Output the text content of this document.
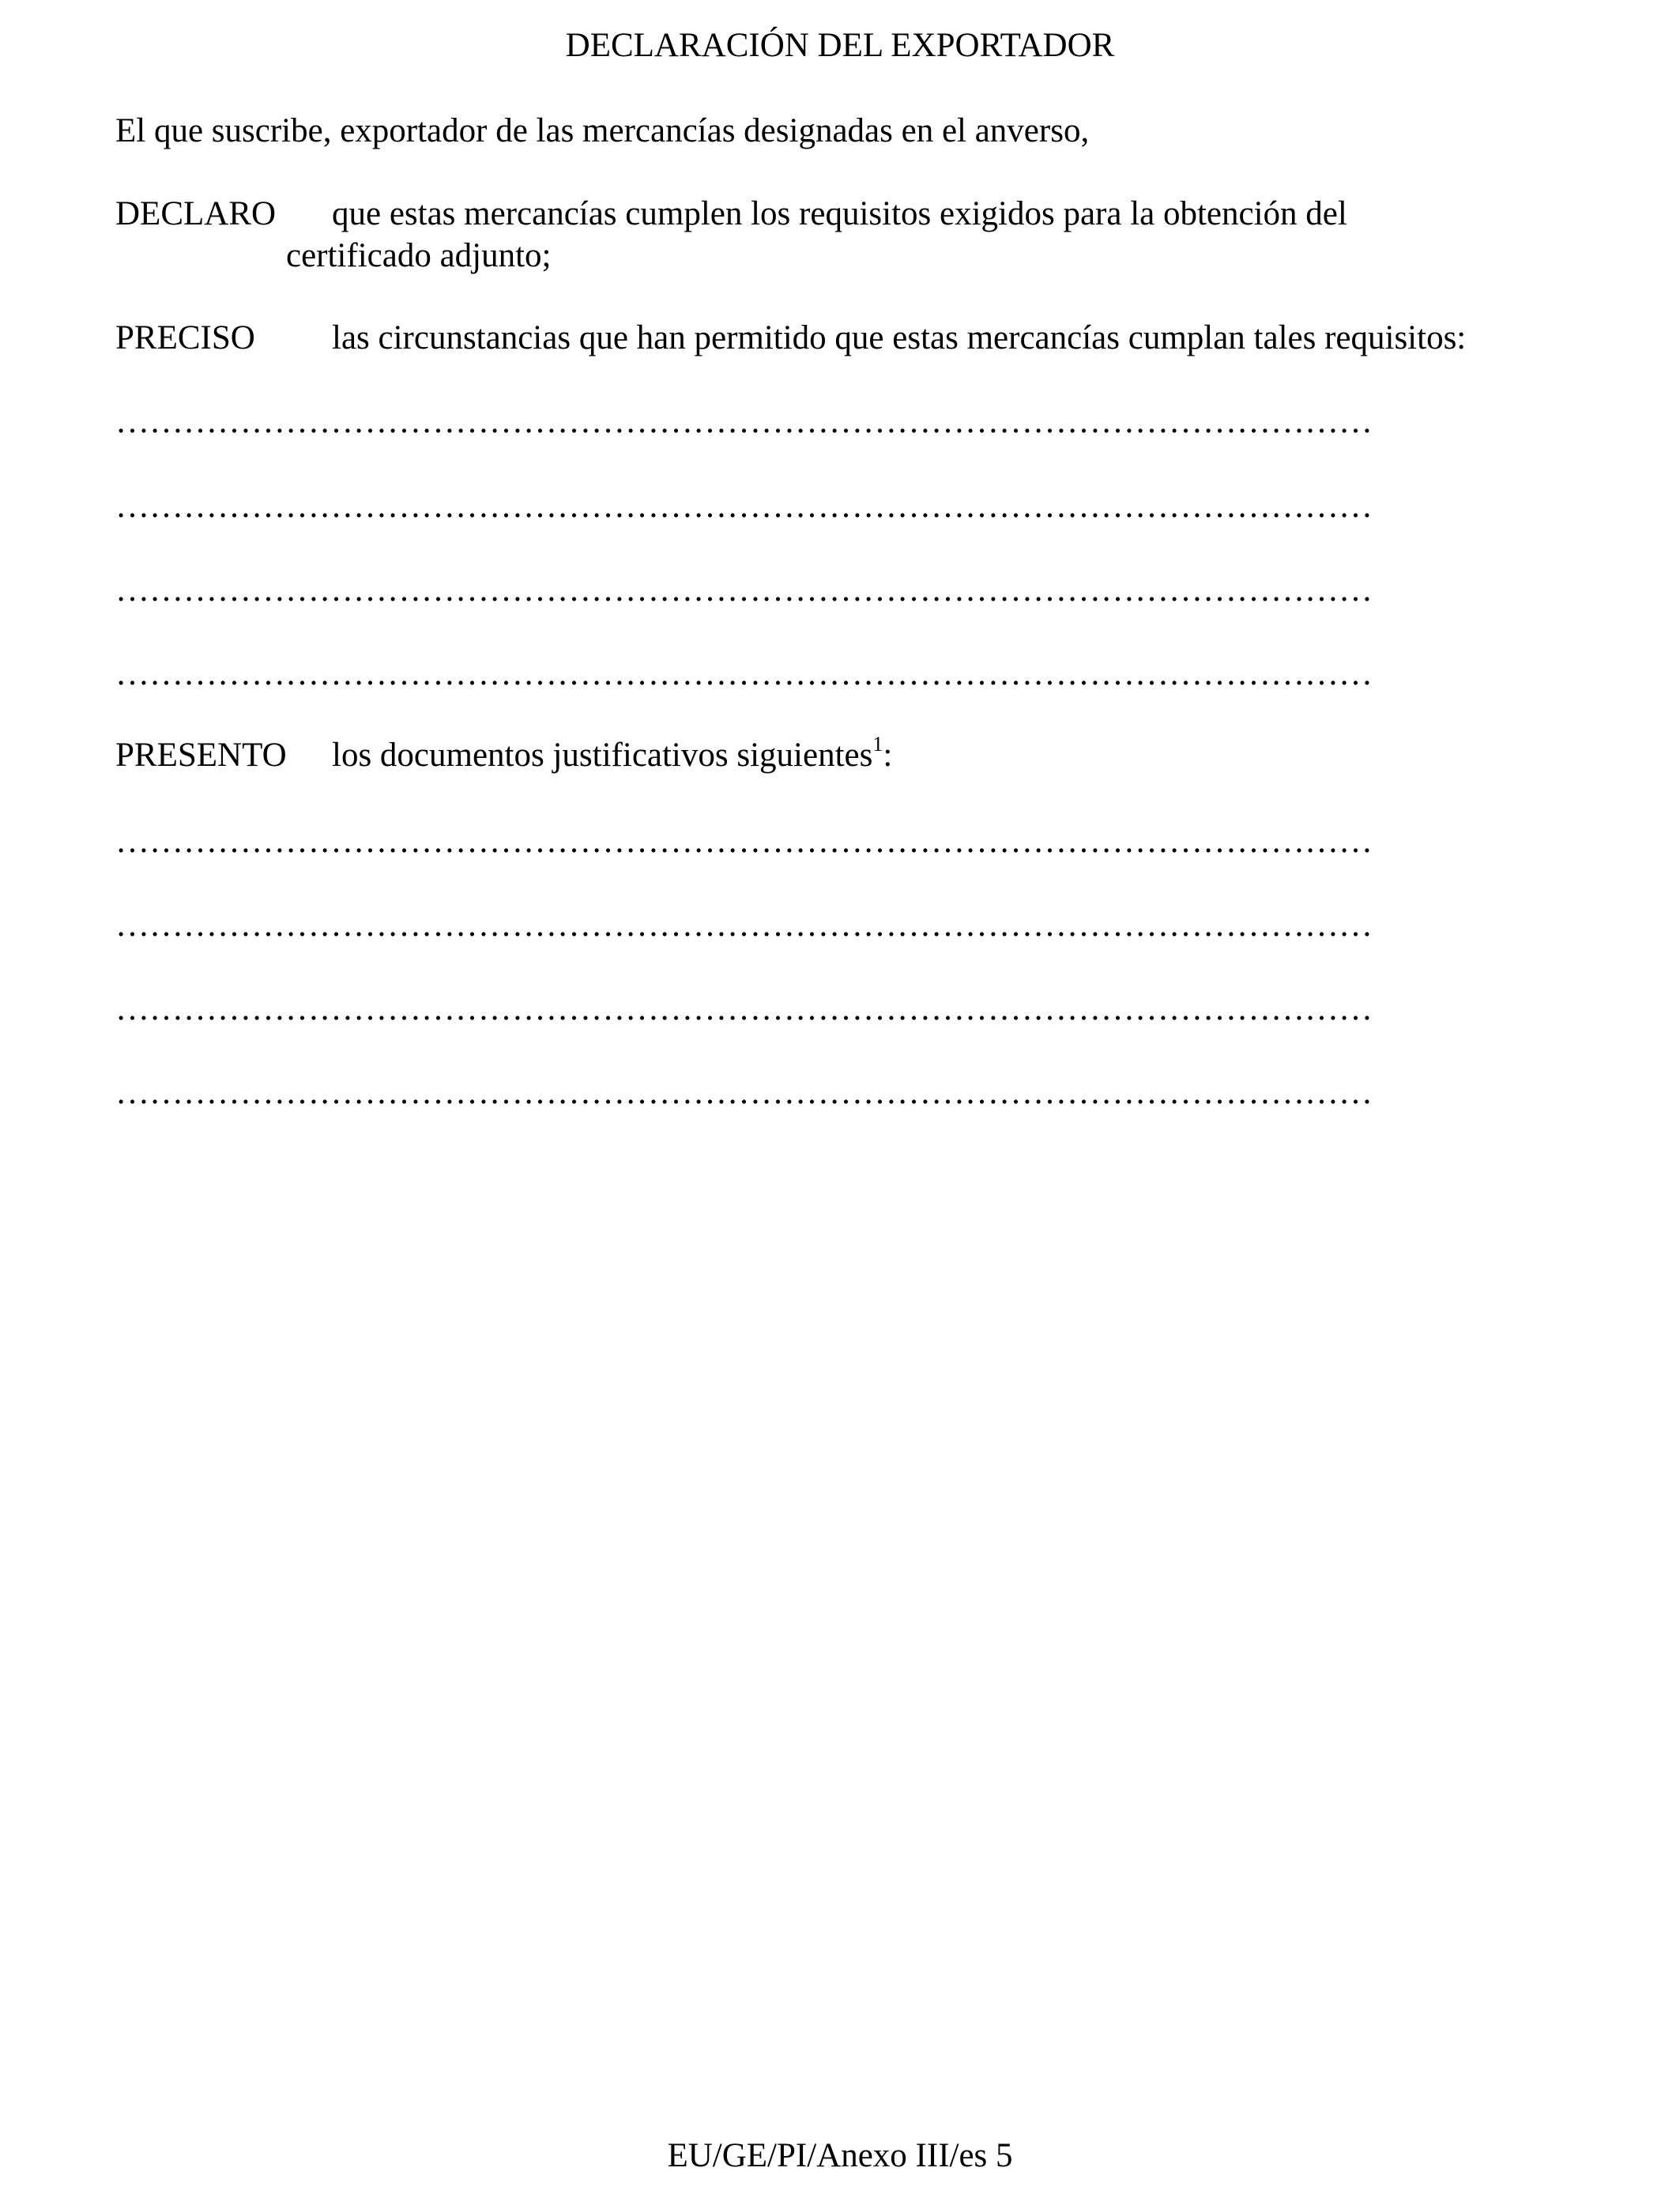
DECLARACIÓN DEL EXPORTADOR
El que suscribe, exportador de las mercancías designadas en el anverso,
DECLARO que estas mercancías cumplen los requisitos exigidos para la obtención del
certificado adjunto;
PRECISO las circunstancias que han permitido que estas mercancías cumplan tales requisitos:
…………………………………………………………………………………………………
…………………………………………………………………………………………………
…………………………………………………………………………………………………
…………………………………………………………………………………………………
PRESENTO los documentos justificativos siguientes$^1$:
…………………………………………………………………………………………………
…………………………………………………………………………………………………
…………………………………………………………………………………………………
…………………………………………………………………………………………………
EU/GE/PI/Anexo III/es 5
